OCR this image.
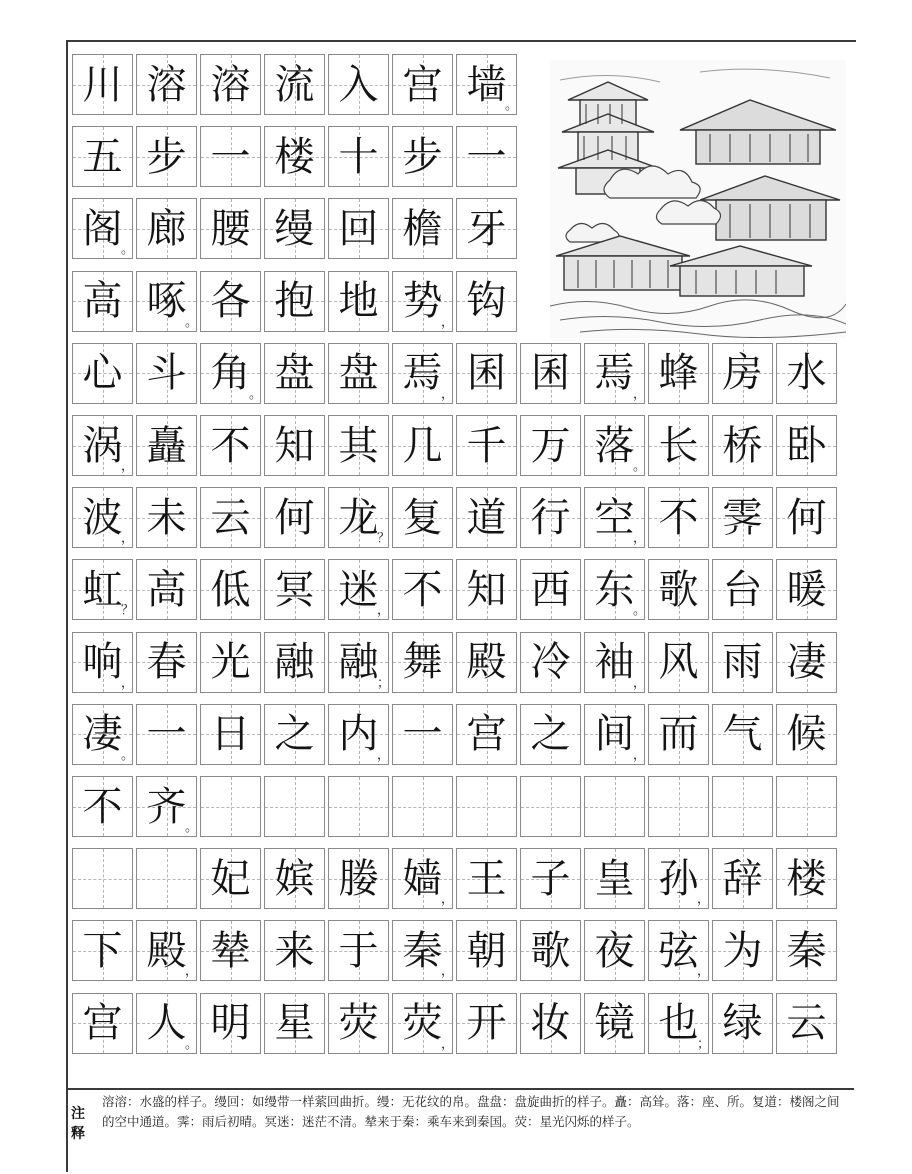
川 溶 溶 流 入 宫 墙
。
五 步 一 楼 十 步 一
阁
。 廊 腰 缦 回 檐 牙
高 啄
。 各 抱 地 势
， 钩
心 斗 角
。 盘 盘 焉
， 囷 囷 焉
， 蜂 房 水
涡
， 矗 不 知 其 几 千 万 落
。 长 桥 卧
波
， 未 云 何 龙
？ 复 道 行 空
， 不 霁 何
虹
？ 高 低 冥 迷
， 不 知 西 东
。 歌 台 暖
响
， 春 光 融 融
； 舞 殿 冷 袖
， 风 雨 凄
凄
。 一 日 之 内
， 一 宫 之 间
， 而 气 候
不 齐
。
妃 嫔 媵 嫱
， 王 子 皇 孙
， 辞 楼
下 殿
， 辇 来 于 秦
， 朝 歌 夜 弦
， 为 秦
宫 人
。 明 星 荧 荧
， 开 妆 镜 也
； 绿 云
注
释
溶溶：水盛的样子。缦回：如缦带一样萦回曲折。缦：无花纹的帛。盘盘：盘旋曲折的样子。矗：高耸。落：座、所。复道：楼阁之间的空中通道。霁：雨后初晴。冥迷：迷茫不清。辇来于秦：乘车来到秦国。荧：星光闪烁的样子。
